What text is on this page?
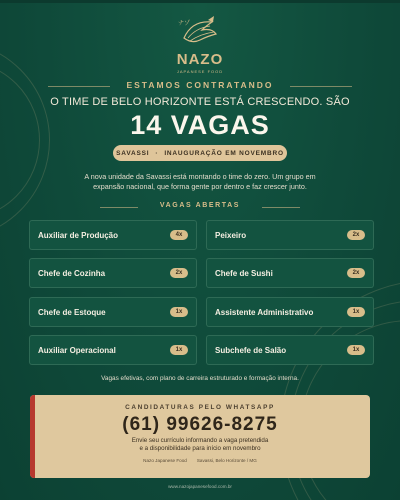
ナゾ
NAZO
JAPANESE FOOD
ESTAMOS CONTRATANDO
O TIME DE BELO HORIZONTE ESTÁ CRESCENDO. SÃO
14 VAGAS
SAVASSI · INAUGURAÇÃO EM NOVEMBRO
A nova unidade da Savassi está montando o time do zero. Um grupo em
expansão nacional, que forma gente por dentro e faz crescer junto.
VAGAS ABERTAS
Auxiliar de Produção	4x	Peixeiro	2x
Chefe de Cozinha	2x	Chefe de Sushi	2x
Chefe de Estoque	1x	Assistente Administrativo	1x
Auxiliar Operacional	1x	Subchefe de Salão	1x
Vagas efetivas, com plano de carreira estruturado e formação interna.
CANDIDATURAS PELO WHATSAPP
(61) 99626-8275
Envie seu currículo informando a vaga pretendida
e a disponibilidade para início em novembro
Nazo Japanese Food Savassi, Belo Horizonte / MG
www.nazojapanesefood.com.br
